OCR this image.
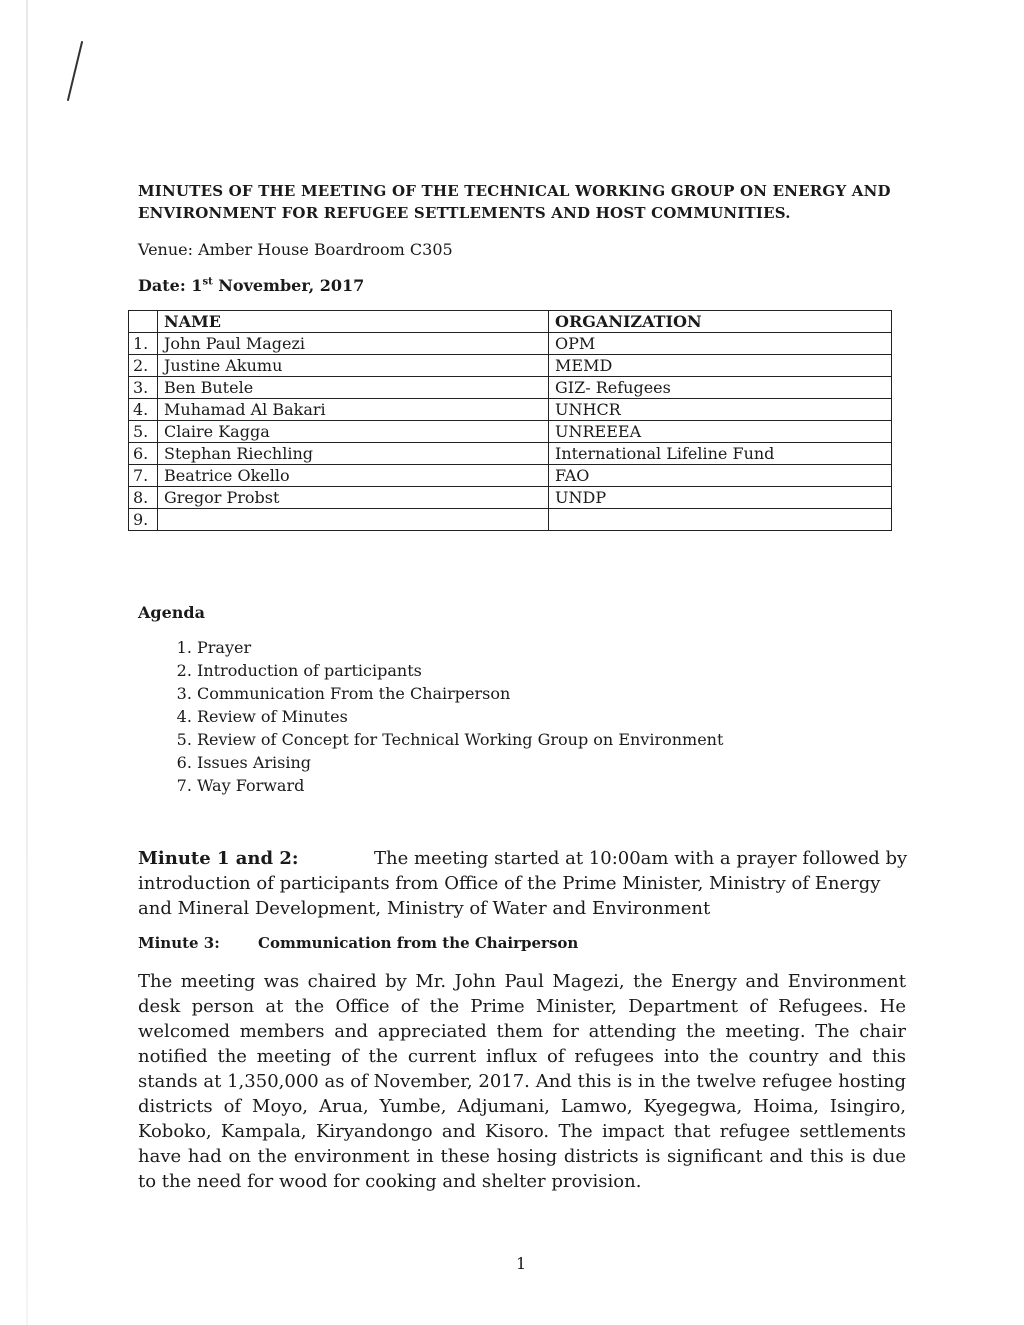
MINUTES OF THE MEETING OF THE TECHNICAL WORKING GROUP ON ENERGY AND ENVIRONMENT FOR REFUGEE SETTLEMENTS AND HOST COMMUNITIES.
Venue: Amber House Boardroom C305
Date: 1st November, 2017
	NAME	ORGANIZATION
1.	John Paul Magezi	OPM
2.	Justine Akumu	MEMD
3.	Ben Butele	GIZ- Refugees
4.	Muhamad Al Bakari	UNHCR
5.	Claire Kagga	UNREEEA
6.	Stephan Riechling	International Lifeline Fund
7.	Beatrice Okello	FAO
8.	Gregor Probst	UNDP
9.		
Agenda
1. Prayer
2. Introduction of participants
3. Communication From the Chairperson
4. Review of Minutes
5. Review of Concept for Technical Working Group on Environment
6. Issues Arising
7. Way Forward
Minute 1 and 2:	The meeting started at 10:00am with a prayer followed by introduction of participants from Office of the Prime Minister, Ministry of Energy and Mineral Development, Ministry of Water and Environment
Minute 3:	Communication from the Chairperson
The meeting was chaired by Mr. John Paul Magezi, the Energy and Environment desk person at the Office of the Prime Minister, Department of Refugees. He welcomed members and appreciated them for attending the meeting. The chair notified the meeting of the current influx of refugees into the country and this stands at 1,350,000 as of November, 2017. And this is in the twelve refugee hosting districts of Moyo, Arua, Yumbe, Adjumani, Lamwo, Kyegegwa, Hoima, Isingiro, Koboko, Kampala, Kiryandongo and Kisoro. The impact that refugee settlements have had on the environment in these hosing districts is significant and this is due to the need for wood for cooking and shelter provision.
1
